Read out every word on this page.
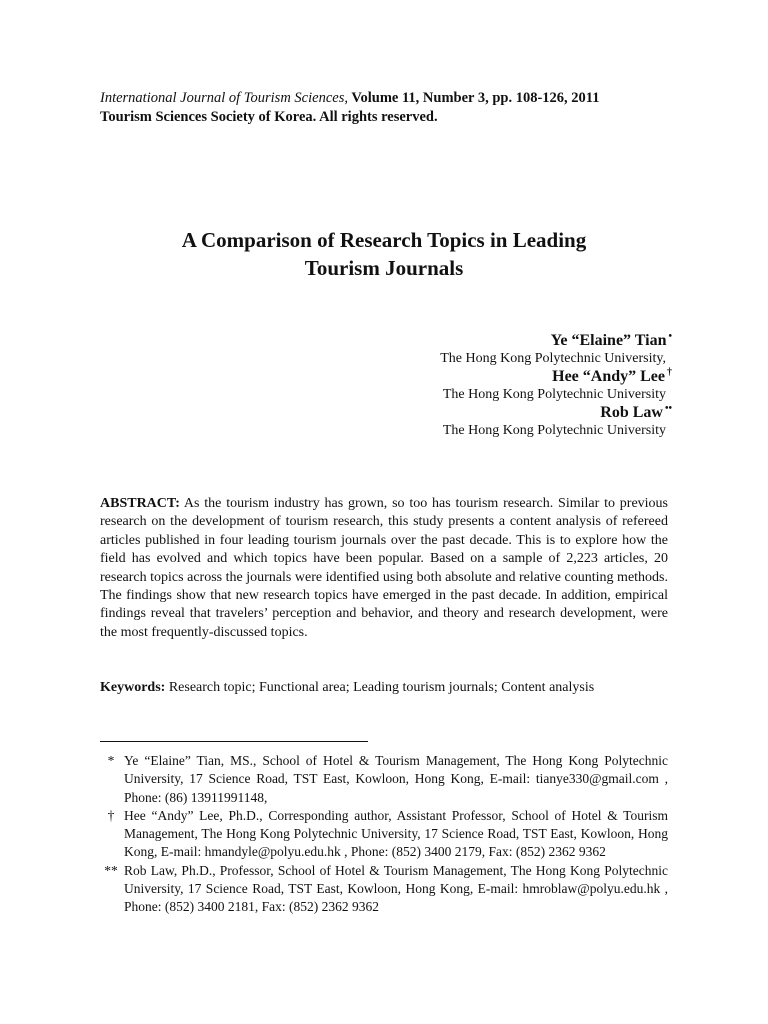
International Journal of Tourism Sciences, Volume 11, Number 3, pp. 108-126, 2011
Tourism Sciences Society of Korea. All rights reserved.
A Comparison of Research Topics in Leading
Tourism Journals
Ye “Elaine” Tian •
The Hong Kong Polytechnic University,
Hee “Andy” Lee †
The Hong Kong Polytechnic University
Rob Law ••
The Hong Kong Polytechnic University
ABSTRACT: As the tourism industry has grown, so too has tourism research. Similar to previous research on the development of tourism research, this study presents a content analysis of refereed articles published in four leading tourism journals over the past decade. This is to explore how the field has evolved and which topics have been popular. Based on a sample of 2,223 articles, 20 research topics across the journals were identified using both absolute and relative counting methods. The findings show that new research topics have emerged in the past decade. In addition, empirical findings reveal that travelers’ perception and behavior, and theory and research development, were the most frequently-discussed topics.
Keywords: Research topic; Functional area; Leading tourism journals; Content analysis
* Ye “Elaine” Tian, MS., School of Hotel & Tourism Management, The Hong Kong Polytechnic University, 17 Science Road, TST East, Kowloon, Hong Kong, E-mail: tianye330@gmail.com , Phone: (86) 13911991148,
† Hee “Andy” Lee, Ph.D., Corresponding author, Assistant Professor, School of Hotel & Tourism Management, The Hong Kong Polytechnic University, 17 Science Road, TST East, Kowloon, Hong Kong, E-mail: hmandyle@polyu.edu.hk , Phone: (852) 3400 2179, Fax: (852) 2362 9362
** Rob Law, Ph.D., Professor, School of Hotel & Tourism Management, The Hong Kong Polytechnic University, 17 Science Road, TST East, Kowloon, Hong Kong, E-mail: hmroblaw@polyu.edu.hk , Phone: (852) 3400 2181, Fax: (852) 2362 9362
